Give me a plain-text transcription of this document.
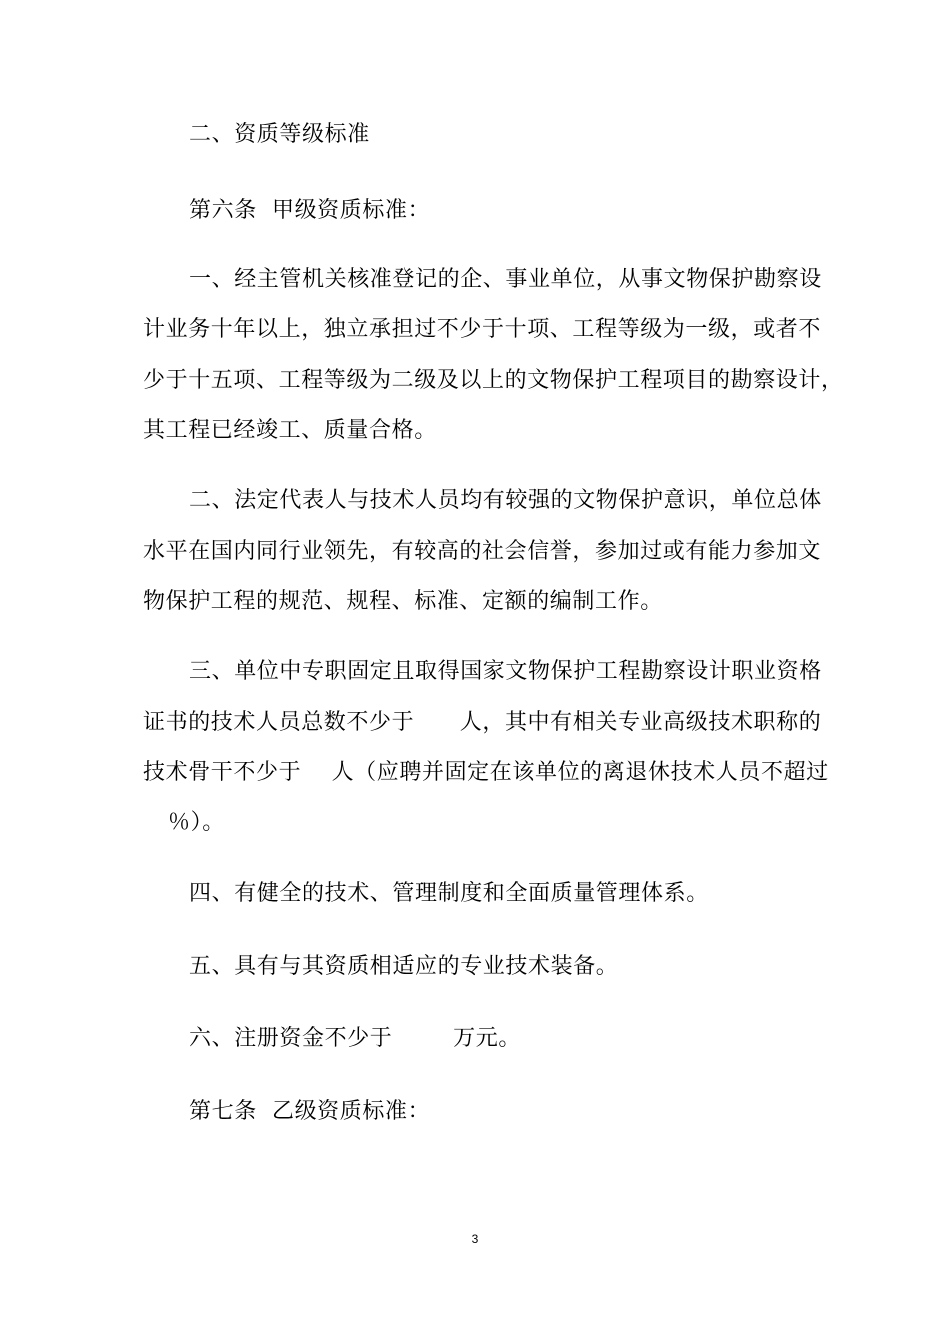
二、资质等级标准
第六条  甲级资质标准：
一、经主管机关核准登记的企、事业单位，从事文物保护勘察设
计业务十年以上，独立承担过不少于十项、工程等级为一级，或者不
少于十五项、工程等级为二级及以上的文物保护工程项目的勘察设计，
其工程已经竣工、质量合格。
二、法定代表人与技术人员均有较强的文物保护意识，单位总体
水平在国内同行业领先，有较高的社会信誉，参加过或有能力参加文
物保护工程的规范、规程、标准、定额的编制工作。
三、单位中专职固定且取得国家文物保护工程勘察设计职业资格
证书的技术人员总数不少于      人，其中有相关专业高级技术职称的
技术骨干不少于    人（应聘并固定在该单位的离退休技术人员不超过
％）。
四、有健全的技术、管理制度和全面质量管理体系。
五、具有与其资质相适应的专业技术装备。
六、注册资金不少于        万元。
第七条  乙级资质标准：
3
